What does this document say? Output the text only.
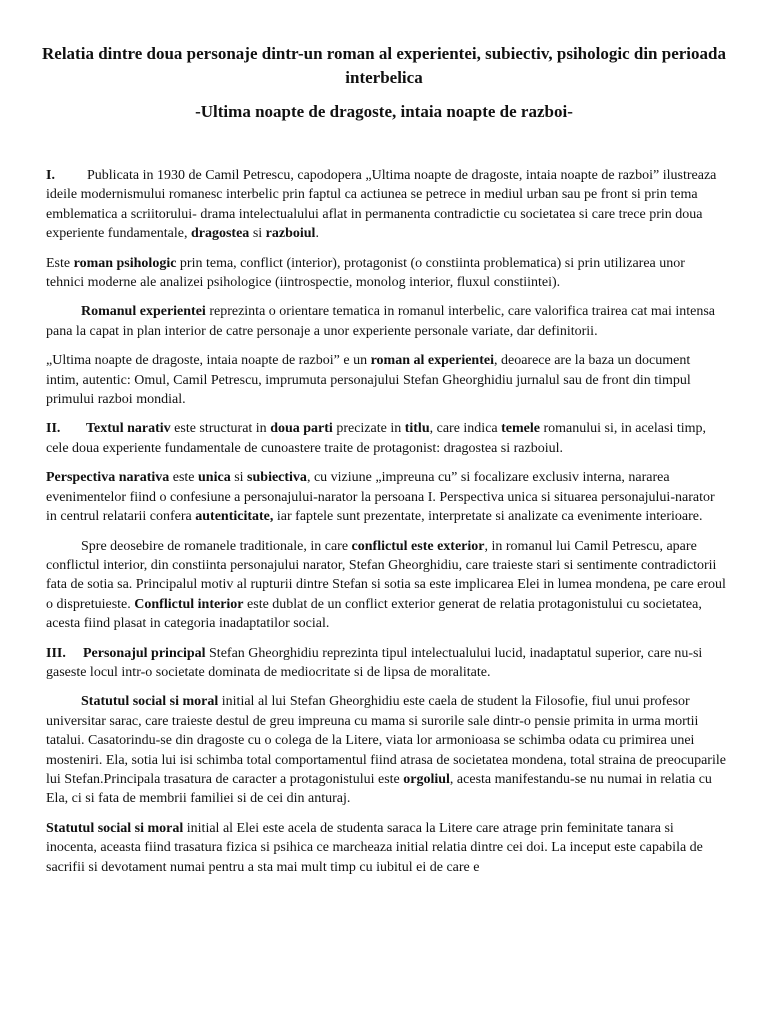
Relatia dintre doua personaje dintr-un roman al experientei, subiectiv, psihologic din perioada interbelica
-Ultima noapte de dragoste, intaia noapte de razboi-

I. Publicata in 1930 de Camil Petrescu, capodopera „Ultima noapte de dragoste, intaia noapte de razboi” ilustreaza ideile modernismului romanesc interbelic prin faptul ca actiunea se petrece in mediul urban sau pe front si prin tema emblematica a scriitorului- drama intelectualului aflat in permanenta contradictie cu societatea si care trece prin doua experiente fundamentale, dragostea si razboiul.

Este roman psihologic prin tema, conflict (interior), protagonist (o constiinta problematica) si prin utilizarea unor tehnici moderne ale analizei psihologice (iintrospectie, monolog interior, fluxul constiintei).

Romanul experientei reprezinta o orientare tematica in romanul interbelic, care valorifica trairea cat mai intensa pana la capat in plan interior de catre personaje a unor experiente personale variate, dar definitorii.

„Ultima noapte de dragoste, intaia noapte de razboi” e un roman al experientei, deoarece are la baza un document intim, autentic: Omul, Camil Petrescu, imprumuta personajului Stefan Gheorghidiu jurnalul sau de front din timpul primului razboi mondial.

II. Textul narativ este structurat in doua parti precizate in titlu, care indica temele romanului si, in acelasi timp, cele doua experiente fundamentale de cunoastere traite de protagonist: dragostea si razboiul.

Perspectiva narativa este unica si subiectiva, cu viziune „impreuna cu” si focalizare exclusiv interna, nararea evenimentelor fiind o confesiune a personajului-narator la persoana I. Perspectiva unica si situarea personajului-narator in centrul relatarii confera autenticitate, iar faptele sunt prezentate, interpretate si analizate ca evenimente interioare.

Spre deosebire de romanele traditionale, in care conflictul este exterior, in romanul lui Camil Petrescu, apare conflictul interior, din constiinta personajului narator, Stefan Gheorghidiu, care traieste stari si sentimente contradictorii fata de sotia sa. Principalul motiv al rupturii dintre Stefan si sotia sa este implicarea Elei in lumea mondena, pe care eroul o dispretuieste. Conflictul interior este dublat de un conflict exterior generat de relatia protagonistului cu societatea, acesta fiind plasat in categoria inadaptatilor social.

III. Personajul principal Stefan Gheorghidiu reprezinta tipul intelectualului lucid, inadaptatul superior, care nu-si gaseste locul intr-o societate dominata de mediocritate si de lipsa de moralitate.

Statutul social si moral initial al lui Stefan Gheorghidiu este caela de student la Filosofie, fiul unui profesor universitar sarac, care traieste destul de greu impreuna cu mama si surorile sale dintr-o pensie primita in urma mortii tatalui. Casatorindu-se din dragoste cu o colega de la Litere, viata lor armonioasa se schimba odata cu primirea unei mosteniri. Ela, sotia lui isi schimba total comportamentul fiind atrasa de societatea mondena, total straina de preocuparile lui Stefan.Principala trasatura de caracter a protagonistului este orgoliul, acesta manifestandu-se nu numai in relatia cu Ela, ci si fata de membrii familiei si de cei din anturaj.

Statutul social si moral initial al Elei este acela de studenta saraca la Litere care atrage prin feminitate tanara si inocenta, aceasta fiind trasatura fizica si psihica ce marcheaza initial relatia dintre cei doi. La inceput este capabila de sacrifii si devotament numai pentru a sta mai mult timp cu iubitul ei de care e
